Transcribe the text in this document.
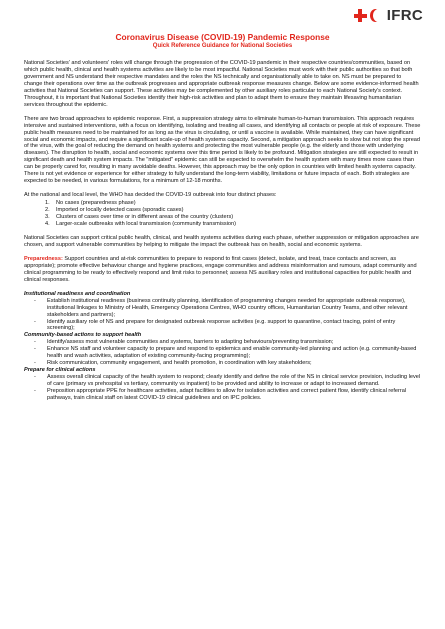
IFRC
Coronavirus Disease (COVID-19) Pandemic Response
Quick Reference Guidance for National Societies

National Societies' and volunteers' roles will change through the progression of the COVID-19 pandemic in their respective countries/communities, based on which public health, clinical and health systems activities are likely to be most impactful. National Societies must work with their public authorities so that both government and NS understand their respective mandates and the roles the NS technically and organisationally able to take on. NS must be prepared to change their operations over time as the outbreak progresses and appropriate outbreak response measures change. Below are some evidence-informed health activities that National Societies can support. These activities may be complemented by other auxiliary roles particular to each National Society's context. Throughout, it is important that National Societies identify their high-risk activities and plan to adapt them to ensure they maintain lifesaving humanitarian services throughout the epidemic.

There are two broad approaches to epidemic response. First, a suppression strategy aims to eliminate human-to-human transmission. This approach requires intensive and sustained interventions, with a focus on identifying, isolating and treating all cases, and identifying all contacts or people at risk of exposure. These public health measures need to be maintained for as long as the virus is circulating, or until a vaccine is available. While maintained, they can have significant social and economic impacts, and require a significant scale-up of health systems capacity. Second, a mitigation approach seeks to slow but not stop the spread of the virus, with the goal of reducing the demand on health systems and protecting the most vulnerable people (e.g. the elderly and those with underlying diseases). The disruption to health, social and economic systems over this time period is likely to be profound. Mitigation strategies are still expected to result in significant death and health system impacts. The "mitigated" epidemic can still be expected to overwhelm the health system with many times more cases than can be properly cared for, resulting in many avoidable deaths. However, this approach may be the only option in countries with limited health systems capacity. There is not yet evidence or experience for either strategy to fully understand the long-term viability, limitations or future impacts of each. Both strategies are expected to be needed, in various formulations, for a minimum of 12-18 months.

At the national and local level, the WHO has decided the COVID-19 outbreak into four distinct phases:

1.	No cases (preparedness phase)
2.	Imported or locally detected cases (sporadic cases)
3.	Clusters of cases over time or in different areas of the country (clusters)
4.	Larger-scale outbreaks with local transmission (community transmission)

National Societies can support critical public health, clinical, and health systems activities during each phase, whether suppression or mitigation approaches are chosen, and support vulnerable communities by helping to mitigate the impact the outbreak has on health, social and economic systems.

Preparedness: Support countries and at-risk communities to prepare to respond to first cases (detect, isolate, and treat, trace contacts and screen, as appropriate); promote effective behaviour change and hygiene practices, engage communities and address misinformation and rumours, adapt community and clinical programming to be ready to effectively respond and limit risks to personnel; assess NS auxiliary roles and institutional capacities for public health and clinical responses.

Institutional readiness and coordination
- Establish institutional readiness (business continuity planning, identification of programming changes needed for appropriate outbreak response), institutional linkages to Ministry of Health, Emergency Operations Centres, WHO country offices, Humanitarian Country Teams, and other relevant stakeholders and partners);
- Identify auxiliary role of NS and prepare for designated outbreak response activities (e.g. support to quarantine, contact tracing, point of entry screening);
Community-based actions to support health
- Identify/assess most vulnerable communities and systems, barriers to adapting behaviours/preventing transmission;
- Enhance NS staff and volunteer capacity to prepare and respond to epidemics and enable community-led planning and action (e.g. community-based health and wash activities, adaptation of existing community-facing programming);
- Risk communication, community engagement, and health promotion, in coordination with key stakeholders;
Prepare for clinical actions
- Assess overall clinical capacity of the health system to respond; clearly identify and define the role of the NS in clinical service provision, including level of care (primary vs prehospital vs tertiary, community vs inpatient) to be provided and ability to increase or adapt to increased demand.
- Preposition appropriate PPE for healthcare activities, adapt facilities to allow for isolation activities and correct patient flow, identify clinical referral pathways, train clinical staff on latest COVID-19 clinical guidelines and on IPC policies.
